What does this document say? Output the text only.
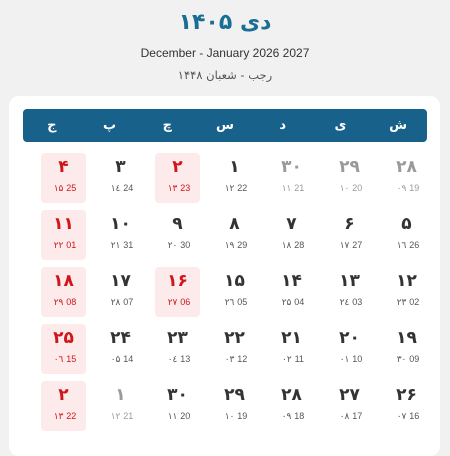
دی ۱۴۰۵
December - January 2026 2027
رجب - شعبان ۱۴۴۸
ش
ی
د
س
چ
پ
ج
۲۸
۰۹ 19
۲۹
۱۰ 20
۳۰
۱۱ 21
۱
۱۲ 22
۲
۱۳ 23
۳
۱٤ 24
۴
۱۵ 25
۵
۱٦ 26
۶
۱۷ 27
۷
۱۸ 28
۸
۱۹ 29
۹
۲۰ 30
۱۰
۲۱ 31
۱۱
۲۲ 01
۱۲
۲۳ 02
۱۳
۲٤ 03
۱۴
۲۵ 04
۱۵
۲٦ 05
۱۶
۲۷ 06
۱۷
۲۸ 07
۱۸
۲۹ 08
۱۹
۳۰ 09
۲۰
۰۱ 10
۲۱
۰۲ 11
۲۲
۰۳ 12
۲۳
۰٤ 13
۲۴
۰۵ 14
۲۵
۰٦ 15
۲۶
۰۷ 16
۲۷
۰۸ 17
۲۸
۰۹ 18
۲۹
۱۰ 19
۳۰
۱۱ 20
۱
۱۲ 21
۲
۱۳ 22
